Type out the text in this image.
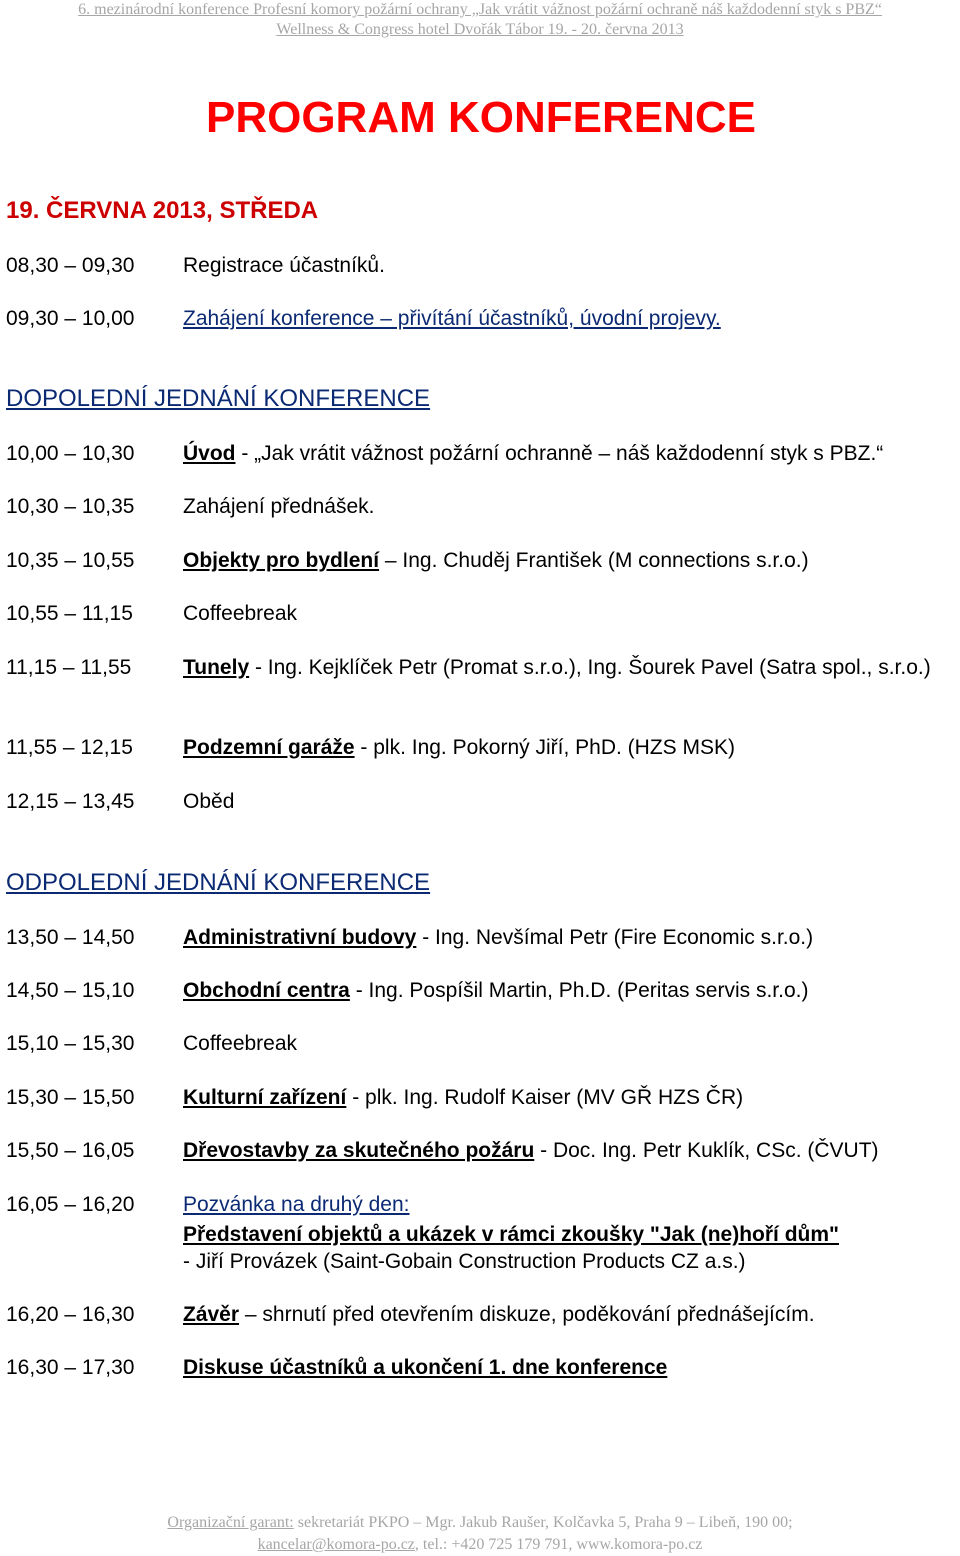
6. mezinárodní konference Profesní komory požární ochrany „Jak vrátit vážnost požární ochraně náš každodenní styk s PBZ“
Wellness & Congress hotel Dvořák Tábor 19. - 20. června 2013
PROGRAM KONFERENCE
19. ČERVNA 2013, STŘEDA
08,30 – 09,30 Registrace účastníků.
09,30 – 10,00 Zahájení konference – přivítání účastníků, úvodní projevy.
DOPOLEDNÍ JEDNÁNÍ KONFERENCE
10,00 – 10,30 Úvod - „Jak vrátit vážnost požární ochranně – náš každodenní styk s PBZ.“
10,30 – 10,35 Zahájení přednášek.
10,35 – 10,55 Objekty pro bydlení – Ing. Chuděj František (M connections s.r.o.)
10,55 – 11,15 Coffeebreak
11,15 – 11,55 Tunely - Ing. Kejklíček Petr (Promat s.r.o.), Ing. Šourek Pavel (Satra spol., s.r.o.)
11,55 – 12,15 Podzemní garáže - plk. Ing. Pokorný Jiří, PhD. (HZS MSK)
12,15 – 13,45 Oběd
ODPOLEDNÍ JEDNÁNÍ KONFERENCE
13,50 – 14,50 Administrativní budovy - Ing. Nevšímal Petr (Fire Economic s.r.o.)
14,50 – 15,10 Obchodní centra - Ing. Pospíšil Martin, Ph.D. (Peritas servis s.r.o.)
15,10 – 15,30 Coffeebreak
15,30 – 15,50 Kulturní zařízení - plk. Ing. Rudolf Kaiser (MV GŘ HZS ČR)
15,50 – 16,05 Dřevostavby za skutečného požáru - Doc. Ing. Petr Kuklík, CSc. (ČVUT)
16,05 – 16,20 Pozvánka na druhý den:
Představení objektů a ukázek v rámci zkoušky "Jak (ne)hoří dům"
- Jiří Provázek (Saint-Gobain Construction Products CZ a.s.)
16,20 – 16,30 Závěr – shrnutí před otevřením diskuze, poděkování přednášejícím.
16,30 – 17,30 Diskuse účastníků a ukončení 1. dne konference
Organizační garant: sekretariát PKPO – Mgr. Jakub Raušer, Kolčavka 5, Praha 9 – Libeň, 190 00;
kancelar@komora-po.cz, tel.: +420 725 179 791, www.komora-po.cz
